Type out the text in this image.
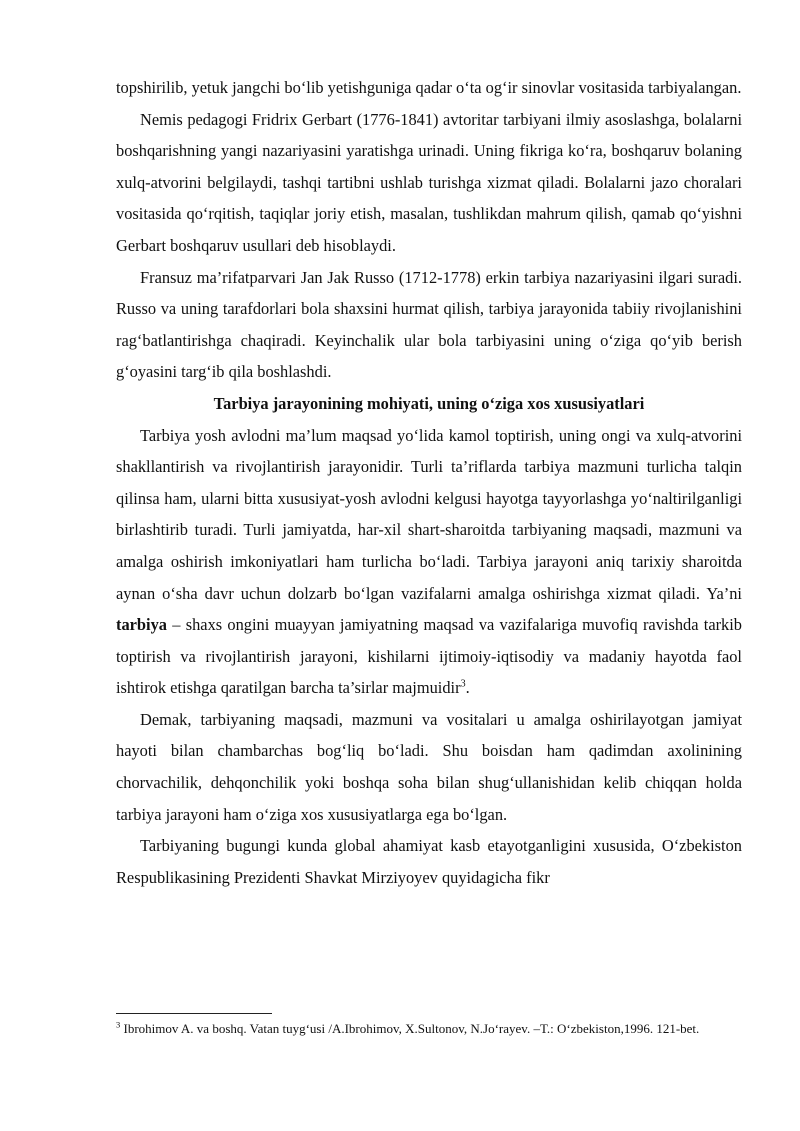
topshirilib, yetuk jangchi bo‘lib yetishguniga qadar o‘ta og‘ir sinovlar vositasida tarbiyalangan.

Nemis pedagogi Fridrix Gerbart (1776-1841) avtoritar tarbiyani ilmiy asoslashga, bolalarni boshqarishning yangi nazariyasini yaratishga urinadi. Uning fikriga ko‘ra, boshqaruv bolaning xulq-atvorini belgilaydi, tashqi tartibni ushlab turishga xizmat qiladi. Bolalarni jazo choralari vositasida qo‘rqitish, taqiqlar joriy etish, masalan, tushlikdan mahrum qilish, qamab qo‘yishni Gerbart boshqaruv usullari deb hisoblaydi.

Fransuz ma’rifatparvari Jan Jak Russo (1712-1778) erkin tarbiya nazariyasini ilgari suradi. Russo va uning tarafdorlari bola shaxsini hurmat qilish, tarbiya jarayonida tabiiy rivojlanishini rag‘batlantirishga chaqiradi. Keyinchalik ular bola tarbiyasini uning o‘ziga qo‘yib berish g‘oyasini targ‘ib qila boshlashdi.

Tarbiya jarayonining mohiyati, uning o‘ziga xos xususiyatlari

Tarbiya yosh avlodni ma’lum maqsad yo‘lida kamol toptirish, uning ongi va xulq-atvorini shakllantirish va rivojlantirish jarayonidir. Turli ta’riflarda tarbiya mazmuni turlicha talqin qilinsa ham, ularni bitta xususiyat-yosh avlodni kelgusi hayotga tayyorlashga yo‘naltirilganligi birlashtirib turadi. Turli jamiyatda, har-xil shart-sharoitda tarbiyaning maqsadi, mazmuni va amalga oshirish imkoniyatlari ham turlicha bo‘ladi. Tarbiya jarayoni aniq tarixiy sharoitda aynan o‘sha davr uchun dolzarb bo‘lgan vazifalarni amalga oshirishga xizmat qiladi. Ya’ni tarbiya – shaxs ongini muayyan jamiyatning maqsad va vazifalariga muvofiq ravishda tarkib toptirish va rivojlantirish jarayoni, kishilarni ijtimoiy-iqtisodiy va madaniy hayotda faol ishtirok etishga qaratilgan barcha ta’sirlar majmuidir$^3$.

Demak, tarbiyaning maqsadi, mazmuni va vositalari u amalga oshirilayotgan jamiyat hayoti bilan chambarchas bog‘liq bo‘ladi. Shu boisdan ham qadimdan axolinining chorvachilik, dehqonchilik yoki boshqa soha bilan shug‘ullanishidan kelib chiqqan holda tarbiya jarayoni ham o‘ziga xos xususiyatlarga ega bo‘lgan.

Tarbiyaning bugungi kunda global ahamiyat kasb etayotganligini xususida, O‘zbekiston Respublikasining Prezidenti Shavkat Mirziyoyev quyidagicha fikr

$^3$ Ibrohimov A. va boshq. Vatan tuyg‘usi /A.Ibrohimov, X.Sultonov, N.Jo‘rayev. –T.: O‘zbekiston,1996. 121-bet.
